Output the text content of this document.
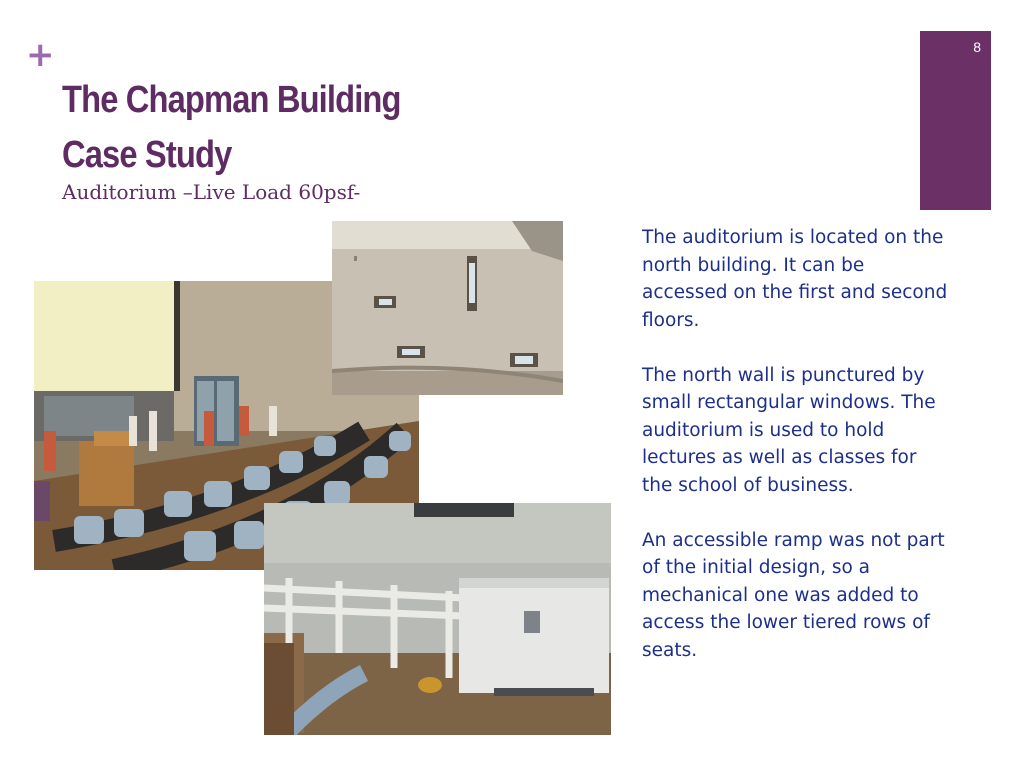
+	8
The Chapman Building
Case Study
Auditorium –Live Load 60psf-

The auditorium is located on the north building. It can be accessed on the first and second floors.

The north wall is punctured by small rectangular windows. The auditorium is used to hold lectures as well as classes for the school of business.

An accessible ramp was not part of the initial design, so a mechanical one was added to access the lower tiered rows of seats.
